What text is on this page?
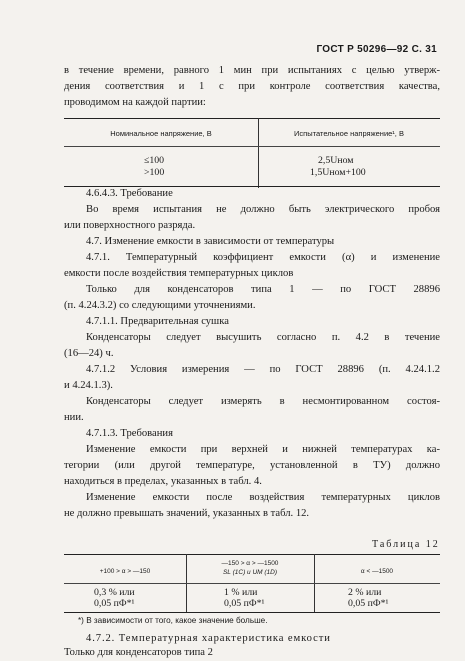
ГОСТ Р 50296—92 С. 31

в течение времени, равного 1 мин при испытаниях с целью утверж-

дения соответствия и 1 с при контроле соответствия качества,

проводимом на каждой партии:

Номинальное напряжение, В	Испытательное напряжение¹, В
≤100
>100
2,5Uном
1,5Uном+100

4.6.4.3. Требование

Во время испытания не должно быть электрического пробоя

или поверхностного разряда.

4.7. Изменение емкости в зависимости от температуры

4.7.1. Температурный коэффициент емкости (α) и изменение

емкости после воздействия температурных циклов

Только для конденсаторов типа 1 — по ГОСТ 28896

(п. 4.24.3.2) со следующими уточнениями.

4.7.1.1. Предварительная сушка

Конденсаторы следует высушить согласно п. 4.2 в течение

(16—24) ч.

4.7.1.2 Условия измерения — по ГОСТ 28896 (п. 4.24.1.2

и 4.24.1.3).

Конденсаторы следует измерять в несмонтированном состоя-

нии.

4.7.1.3. Требования

Изменение емкости при верхней и нижней температурах ка-

тегории (или другой температуре, установленной в ТУ) должно

находиться в пределах, указанных в табл. 4.

Изменение емкости после воздействия температурных циклов

не должно превышать значений, указанных в табл. 12.

Таблица 12
+100 > α > —150
—150 > α > —1500
SL (1C) и UM (1D)	α < —1500
0,3 % или
0,05 пФ*¹
1 % или
0,05 пФ*¹
2 % или
0,05 пФ*¹
*) В зависимости от того, какое значение больше.

4.7.2. Температурная характеристика емкости

Только для конденсаторов типа 2
